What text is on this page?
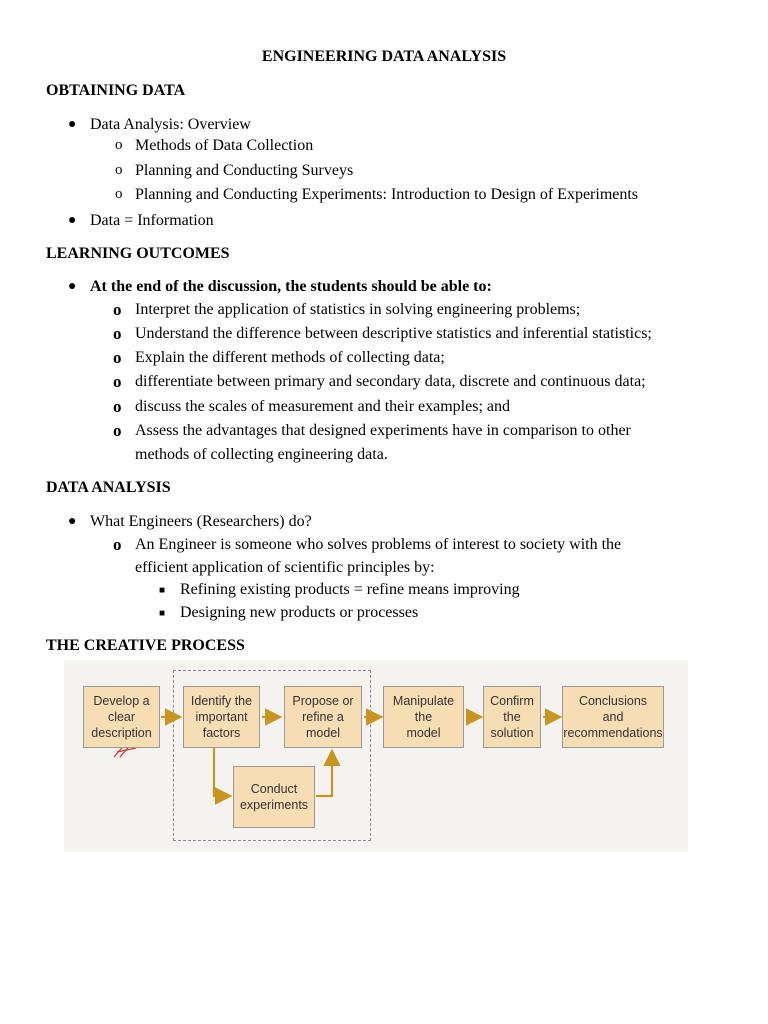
ENGINEERING DATA ANALYSIS
OBTAINING DATA
● Data Analysis: Overview
o Methods of Data Collection
o Planning and Conducting Surveys
o Planning and Conducting Experiments: Introduction to Design of Experiments
● Data = Information
LEARNING OUTCOMES
● At the end of the discussion, the students should be able to:
o Interpret the application of statistics in solving engineering problems;
o Understand the difference between descriptive statistics and inferential statistics;
o Explain the different methods of collecting data;
o differentiate between primary and secondary data, discrete and continuous data;
o discuss the scales of measurement and their examples; and
o Assess the advantages that designed experiments have in comparison to other
methods of collecting engineering data.
DATA ANALYSIS
● What Engineers (Researchers) do?
o An Engineer is someone who solves problems of interest to society with the
efficient application of scientific principles by:
■ Refining existing products = refine means improving
■ Designing new products or processes
THE CREATIVE PROCESS
Develop a
clear
description
Identify the
important
factors
Propose or
refine a
model
Manipulate
the
model
Confirm
the
solution
Conclusions
and
recommendations
Conduct
experiments
